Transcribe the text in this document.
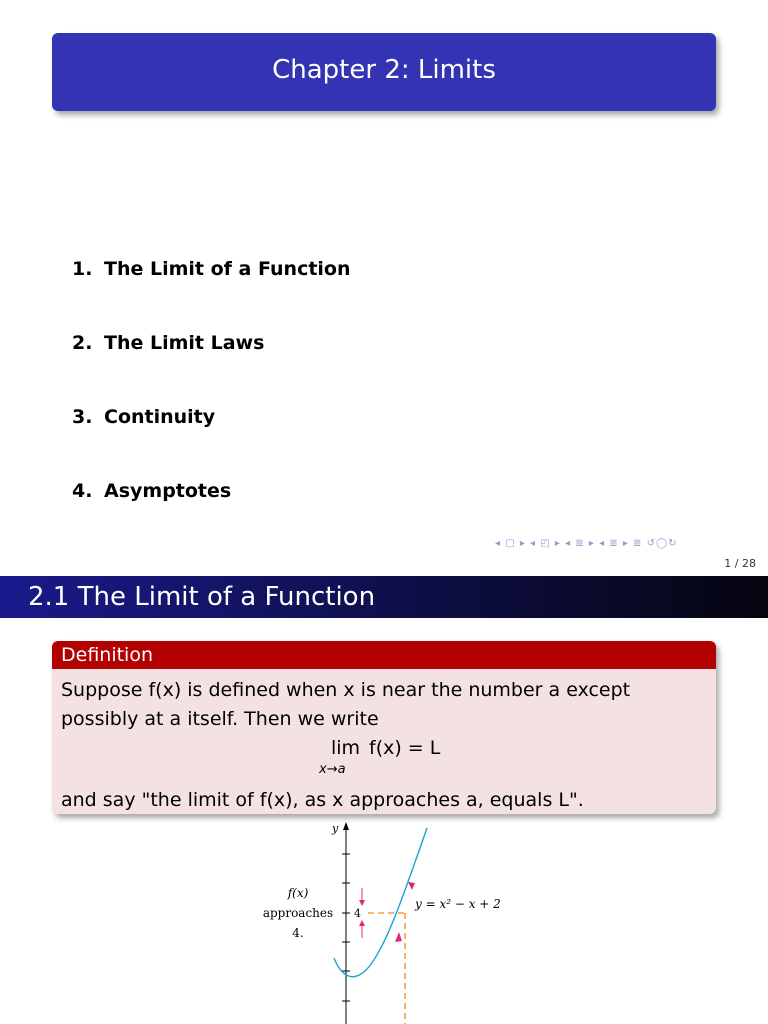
Chapter 2: Limits
1. The Limit of a Function
2. The Limit Laws
3. Continuity
4. Asymptotes
◂ ▢ ▸ ◂ ◰ ▸ ◂ ≣ ▸ ◂ ≣ ▸ ≣ ↺◯↻
1 / 28
2.1 The Limit of a Function
Definition
Suppose f(x) is defined when x is near the number a except
possibly at a itself. Then we write
lim
x→a
f(x) = L
and say "the limit of f(x), as x approaches a, equals L".
y
4
f(x)
approaches
4.
y = x² − x + 2
